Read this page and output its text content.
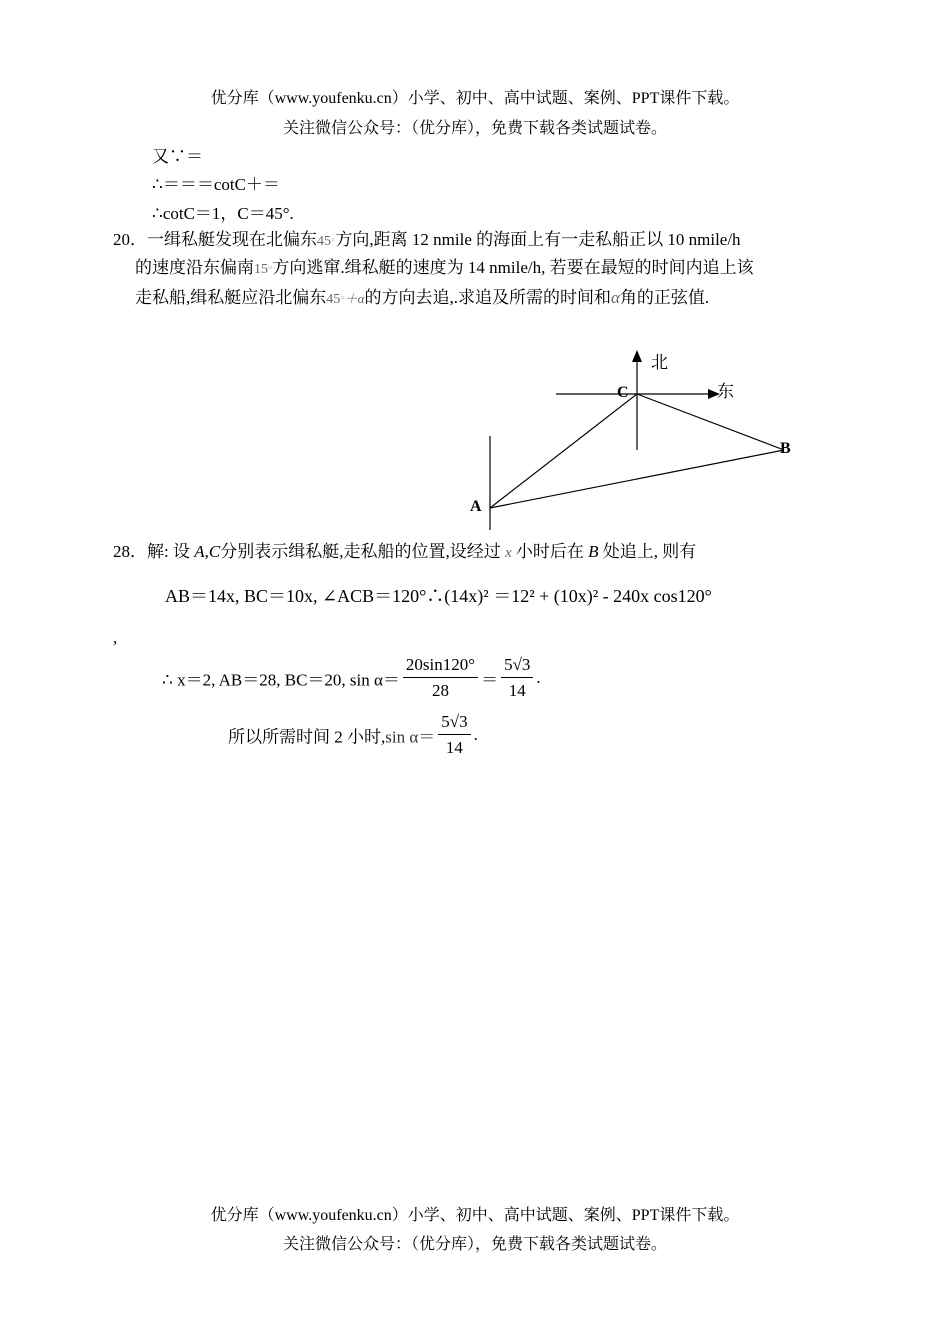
优分库（www.youfenku.cn）小学、初中、高中试题、案例、PPT课件下载。
关注微信公众号：（优分库），免费下载各类试题试卷。
又∵＝
∴＝＝＝cotC＋＝
∴cotC＝1，C＝45°.
20．一缉私艇发现在北偏东45°方向,距离 12 nmile 的海面上有一走私船正以 10 nmile/h
的速度沿东偏南15°方向逃窜.缉私艇的速度为 14 nmile/h, 若要在最短的时间内追上该
走私船,缉私艇应沿北偏东45°＋α的方向去追,.求追及所需的时间和α角的正弦值.
北
东
C
B
A
28．解: 设 A,C分别表示缉私艇,走私船的位置,设经过 x 小时后在 B 处追上, 则有
AB＝14x, BC＝10x, ∠ACB＝120°∴(14x)² ＝12² + (10x)² - 240x cos120°
,
∴ x＝2, AB＝28, BC＝20, $\sin \alpha= \frac{20\sin 120^\circ}{28} = \frac{5√3}{14}$ .
所以所需时间 2 小时,sin $\alpha= \frac{5√3}{14}$ .
优分库（www.youfenku.cn）小学、初中、高中试题、案例、PPT课件下载。
关注微信公众号：（优分库），免费下载各类试题试卷。
